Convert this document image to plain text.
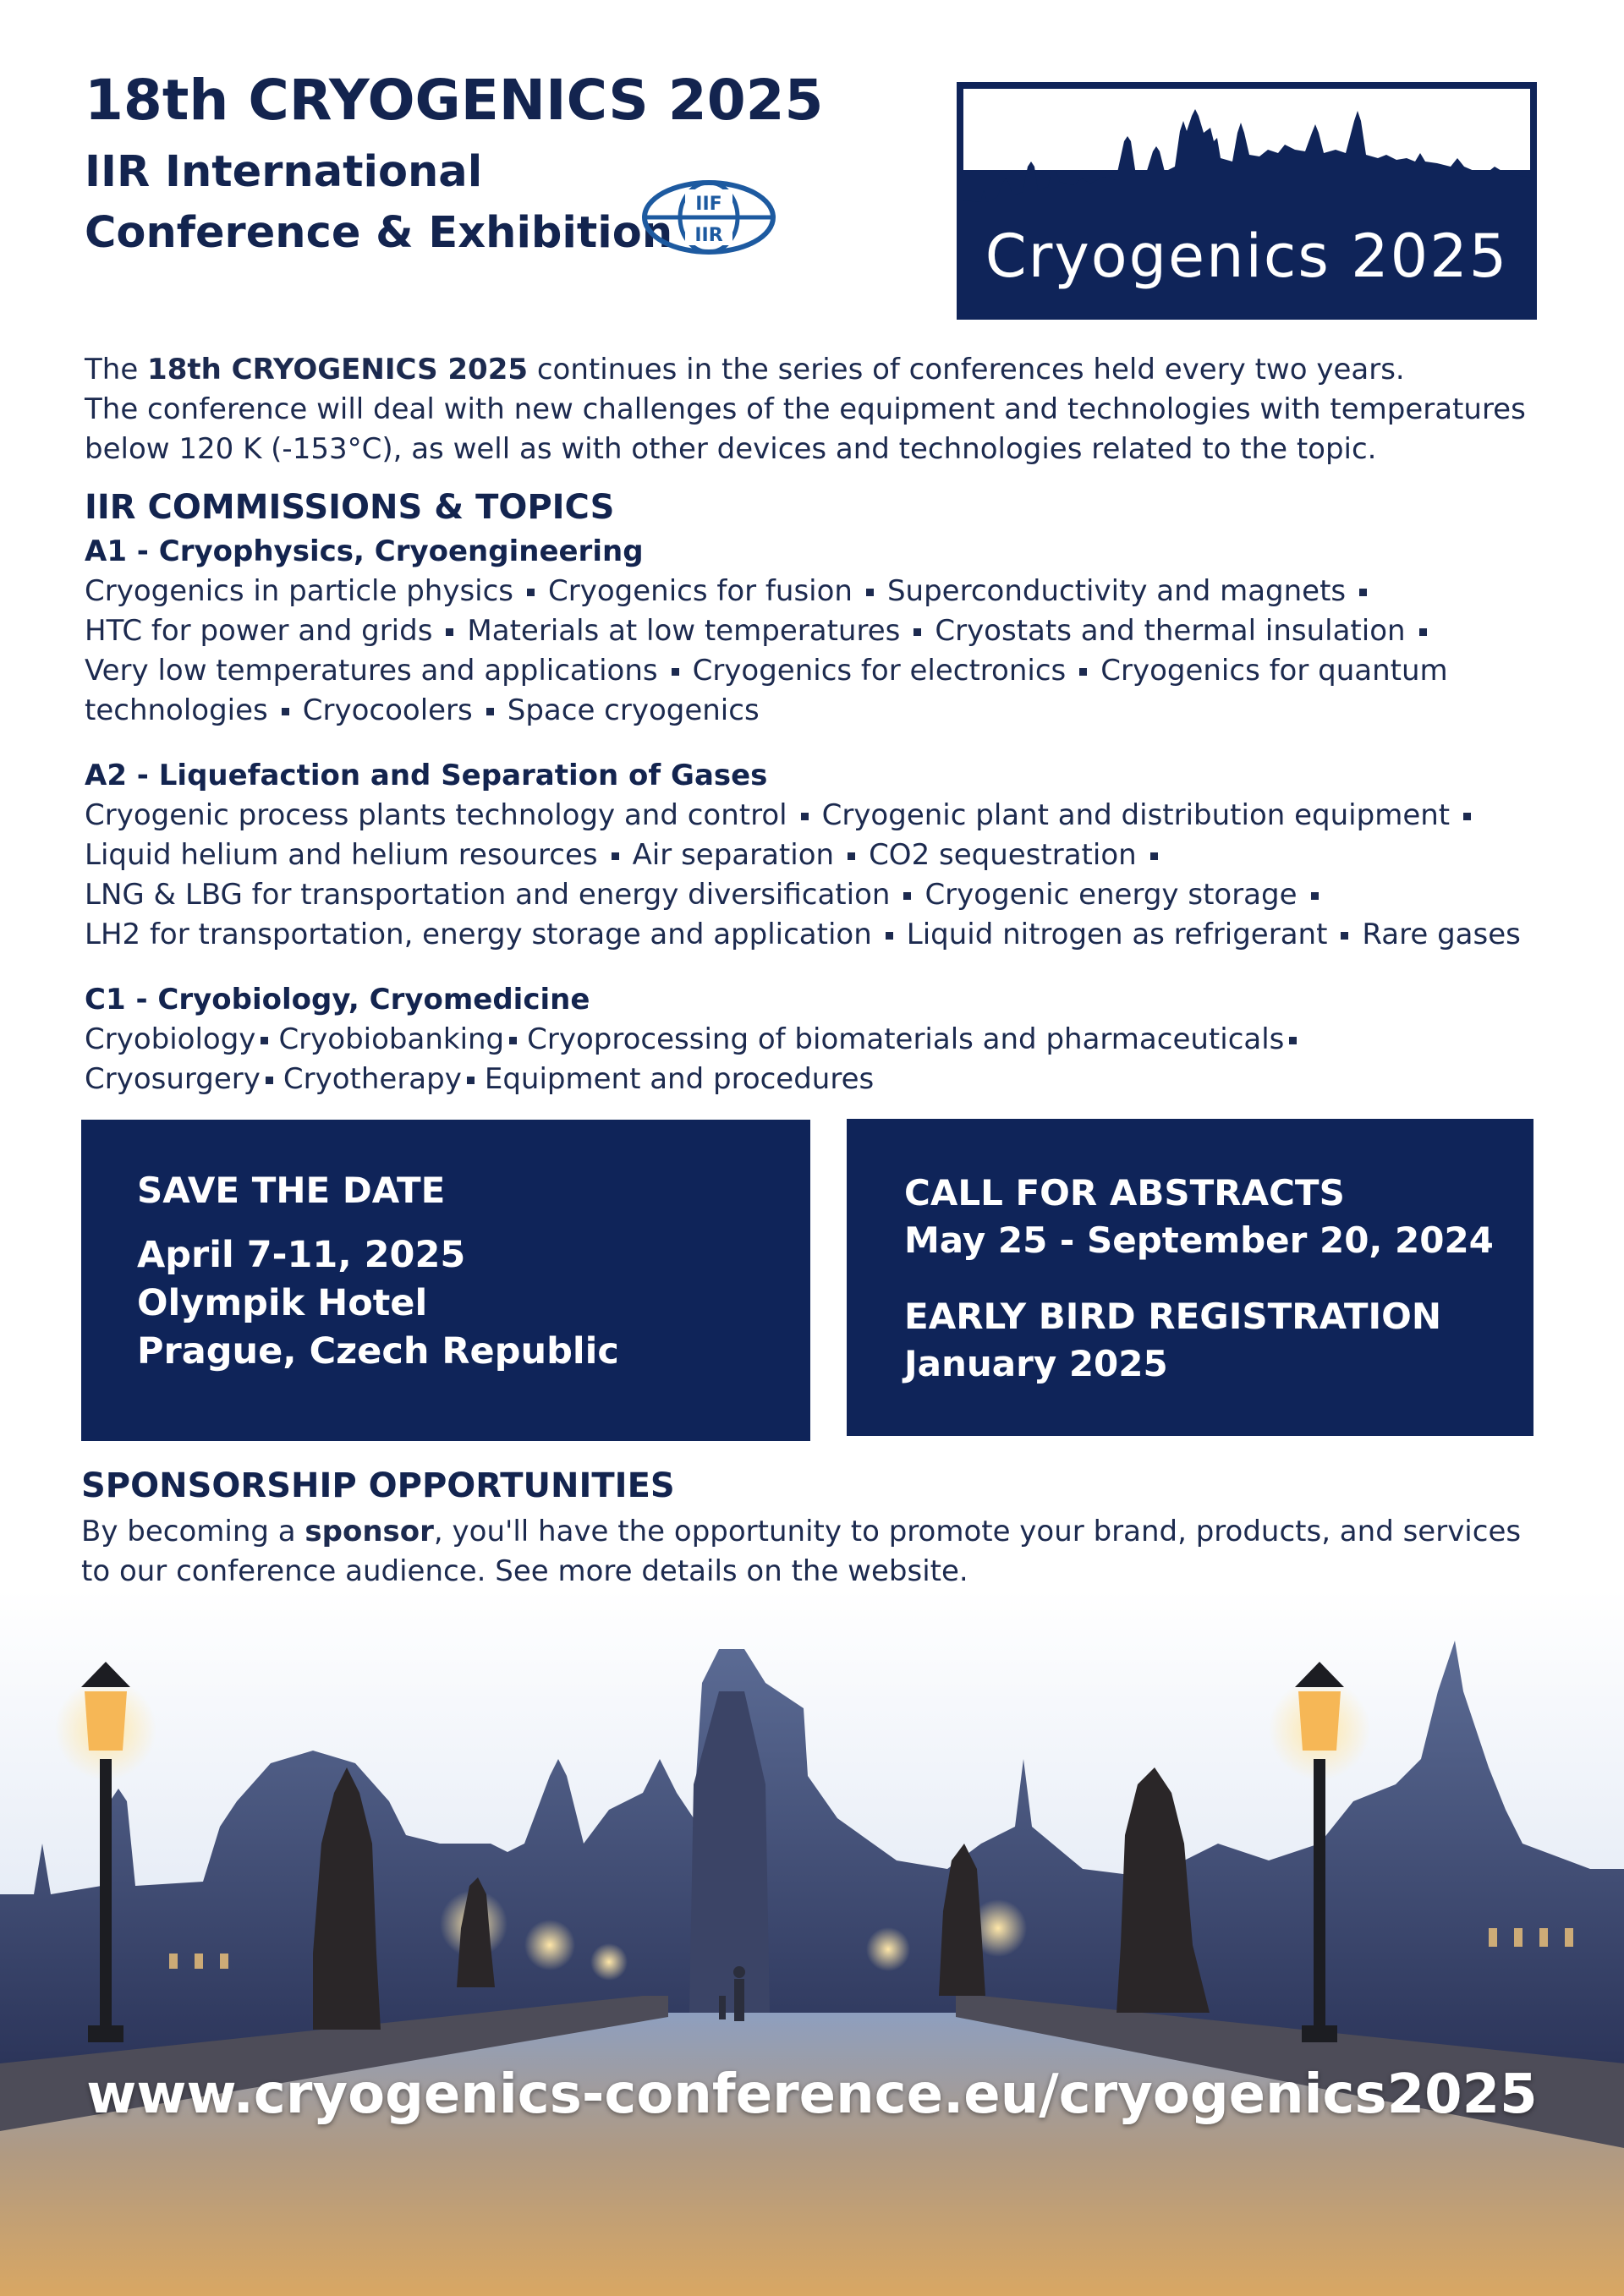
18th CRYOGENICS 2025
IIR International
Conference & Exhibition
IIF
IIR	Cryogenics 2025
The 18th CRYOGENICS 2025 continues in the series of conferences held every two years.
The conference will deal with new challenges of the equipment and technologies with temperatures
below 120 K (-153°C), as well as with other devices and technologies related to the topic.
IIR COMMISSIONS & TOPICS
A1 - Cryophysics, Cryoengineering
Cryogenics in particle physics Cryogenics for fusion Superconductivity and magnets
HTC for power and grids Materials at low temperatures Cryostats and thermal insulation
Very low temperatures and applications Cryogenics for electronics Cryogenics for quantum
technologies Cryocoolers Space cryogenics
A2 - Liquefaction and Separation of Gases
Cryogenic process plants technology and control Cryogenic plant and distribution equipment
Liquid helium and helium resources Air separation CO2 sequestration
LNG & LBG for transportation and energy diversification Cryogenic energy storage
LH2 for transportation, energy storage and application Liquid nitrogen as refrigerant Rare gases
C1 - Cryobiology, Cryomedicine
Cryobiology Cryobiobanking Cryoprocessing of biomaterials and pharmaceuticals
Cryosurgery Cryotherapy Equipment and procedures
SAVE THE DATE
April 7-11, 2025
Olympik Hotel
Prague, Czech Republic
CALL FOR ABSTRACTS
May 25 - September 20, 2024
EARLY BIRD REGISTRATION
January 2025
SPONSORSHIP OPPORTUNITIES
By becoming a sponsor, you'll have the opportunity to promote your brand, products, and services
to our conference audience. See more details on the website.
www.cryogenics-conference.eu/cryogenics2025
